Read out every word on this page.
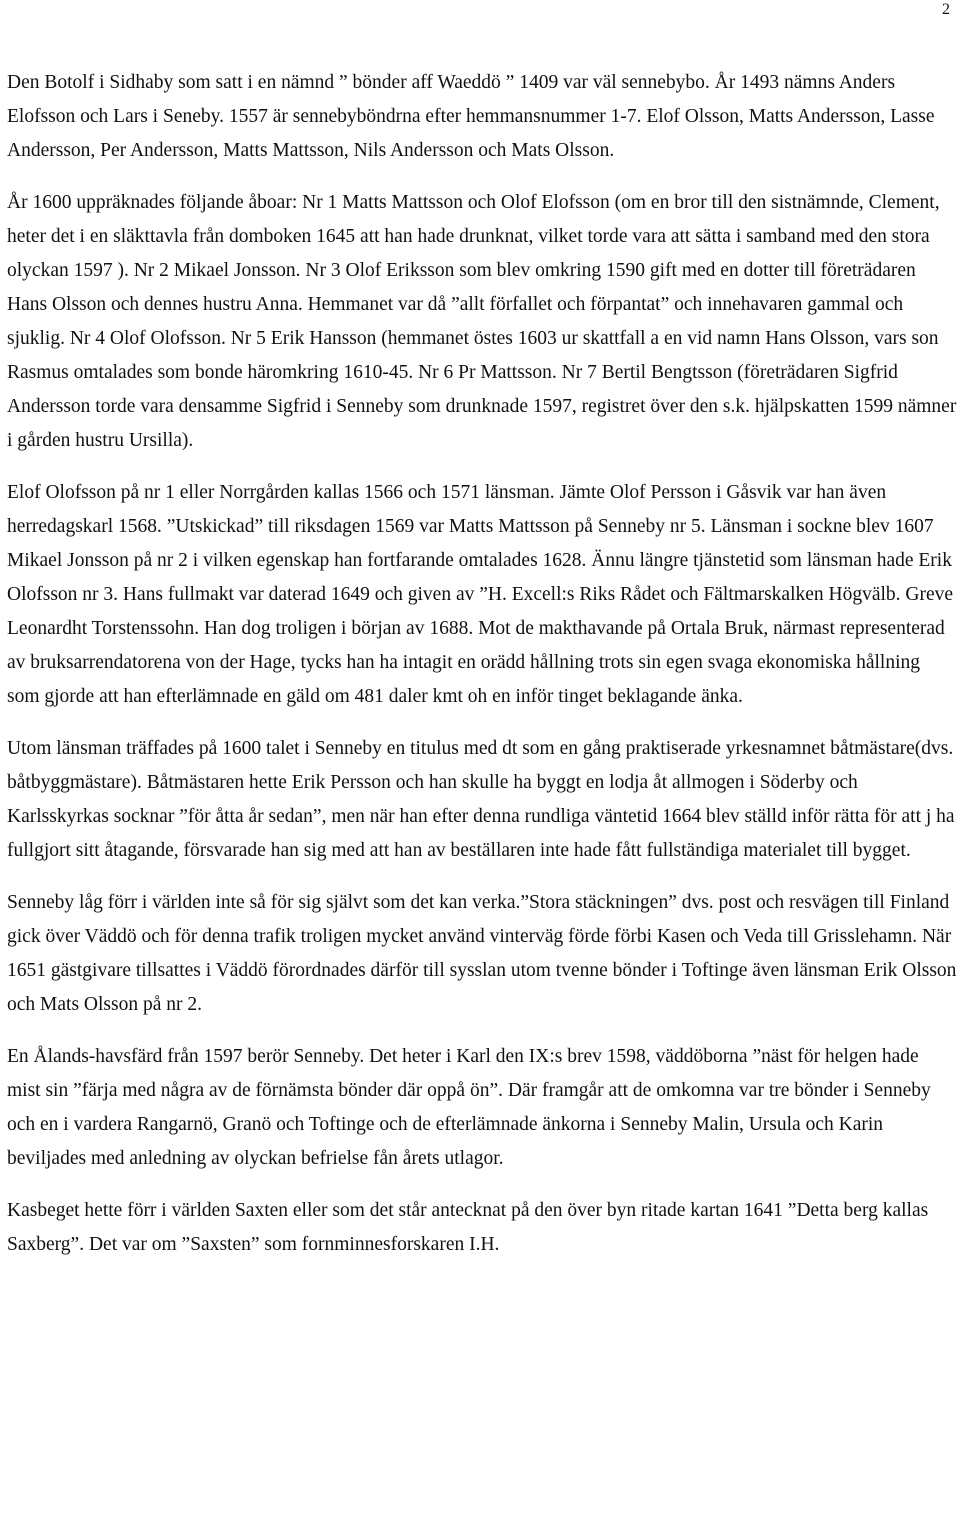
2

Den Botolf i Sidhaby som satt i en nämnd ” bönder aff Waeddö ” 1409 var väl sennebybo. År 1493 nämns Anders Elofsson och Lars i Seneby. 1557 är sennebyböndrna efter hemmansnummer 1-7. Elof Olsson, Matts Andersson, Lasse Andersson, Per Andersson, Matts Mattsson, Nils Andersson och Mats Olsson.

År 1600 uppräknades följande åboar: Nr 1 Matts Mattsson och Olof Elofsson (om en bror till den sistnämnde, Clement, heter det i en släkttavla från domboken 1645 att han hade drunknat, vilket torde vara att sätta i samband med den stora olyckan 1597 ). Nr 2 Mikael Jonsson. Nr 3 Olof Eriksson som blev omkring 1590 gift med en dotter till företrädaren Hans Olsson och dennes hustru Anna. Hemmanet var då ”allt förfallet och förpantat” och innehavaren gammal och sjuklig. Nr 4 Olof Olofsson. Nr 5 Erik Hansson (hemmanet östes 1603 ur skattfall a en vid namn Hans Olsson, vars son Rasmus omtalades som bonde häromkring 1610-45. Nr 6 Pr Mattsson. Nr 7 Bertil Bengtsson (företrädaren Sigfrid Andersson torde vara densamme Sigfrid i Senneby som drunknade 1597, registret över den s.k. hjälpskatten 1599 nämner i gården hustru Ursilla).

Elof Olofsson på nr 1 eller Norrgården kallas 1566 och 1571 länsman. Jämte Olof Persson i Gåsvik var han även herredagskarl 1568. ”Utskickad” till riksdagen 1569 var Matts Mattsson på Senneby nr 5. Länsman i sockne blev 1607 Mikael Jonsson på nr 2 i vilken egenskap han fortfarande omtalades 1628. Ännu längre tjänstetid som länsman hade Erik Olofsson nr 3. Hans fullmakt var daterad 1649 och given av ”H. Excell:s Riks Rådet och Fältmarskalken Högvälb. Greve Leonardht Torstenssohn. Han dog troligen i början av 1688. Mot de makthavande på Ortala Bruk, närmast representerad av bruksarrendatorena von der Hage, tycks han ha intagit en orädd hållning trots sin egen svaga ekonomiska hållning som gjorde att han efterlämnade en gäld om 481 daler kmt oh en inför tinget beklagande änka.

Utom länsman träffades på 1600 talet i Senneby en titulus med dt som en gång praktiserade yrkesnamnet båtmästare(dvs. båtbyggmästare). Båtmästaren hette Erik Persson och han skulle ha byggt en lodja åt allmogen i Söderby och Karlsskyrkas socknar ”för åtta år sedan”, men när han efter denna rundliga väntetid 1664 blev ställd inför rätta för att j ha fullgjort sitt åtagande, försvarade han sig med att han av beställaren inte hade fått fullständiga materialet till bygget.

Senneby låg förr i världen inte så för sig självt som det kan verka.”Stora stäckningen” dvs. post och resvägen till Finland gick över Väddö och för denna trafik troligen mycket använd vinterväg förde förbi Kasen och Veda till Grisslehamn. När 1651 gästgivare tillsattes i Väddö förordnades därför till sysslan utom tvenne bönder i Toftinge även länsman Erik Olsson och Mats Olsson på nr 2.

En Ålands-havsfärd från 1597 berör Senneby. Det heter i Karl den IX:s brev 1598, väddöborna ”näst för helgen hade mist sin ”färja med några av de förnämsta bönder där oppå ön”. Där framgår att de omkomna var tre bönder i Senneby och en i vardera Rangarnö, Granö och Toftinge och de efterlämnade änkorna i Senneby Malin, Ursula och Karin beviljades med anledning av olyckan befrielse fån årets utlagor.

Kasbeget hette förr i världen Saxten eller som det står antecknat på den över byn ritade kartan 1641 ”Detta berg kallas Saxberg”. Det var om ”Saxsten” som fornminnesforskaren I.H.
